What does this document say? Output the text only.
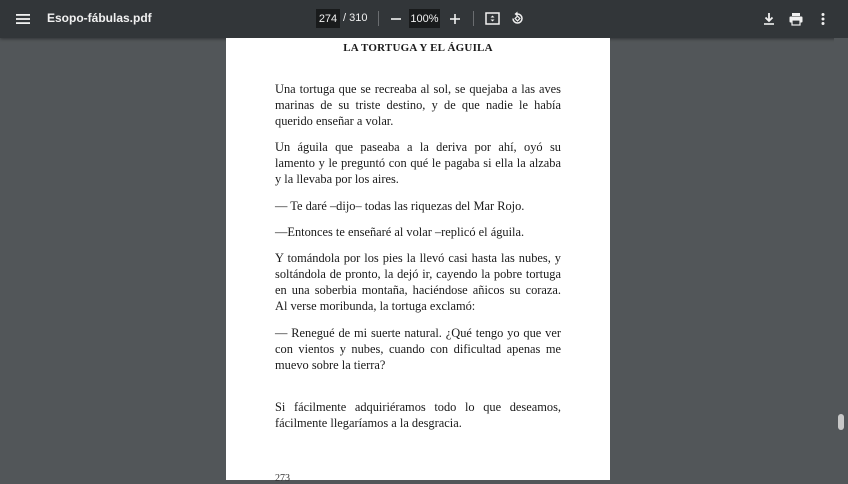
Esopo-fábulas.pdf
274	/ 310
100%
LA TORTUGA Y EL ÁGUILA

Una tortuga que se recreaba al sol, se quejaba a las aves marinas de su triste destino, y de que nadie le había querido enseñar a volar.

Un águila que paseaba a la deriva por ahí, oyó su lamento y le preguntó con qué le pagaba si ella la alzaba y la llevaba por los aires.

— Te daré –dijo– todas las riquezas del Mar Rojo.

—Entonces te enseñaré al volar –replicó el águila.

Y tomándola por los pies la llevó casi hasta las nubes, y soltándola de pronto, la dejó ir, cayendo la pobre tortuga en una soberbia montaña, haciéndose añicos su coraza. Al verse moribunda, la tortuga exclamó:

— Renegué de mi suerte natural. ¿Qué tengo yo que ver con vientos y nubes, cuando con dificultad apenas me muevo sobre la tierra?

Si fácilmente adquiriéramos todo lo que deseamos, fácilmente llegaríamos a la desgracia.

273
